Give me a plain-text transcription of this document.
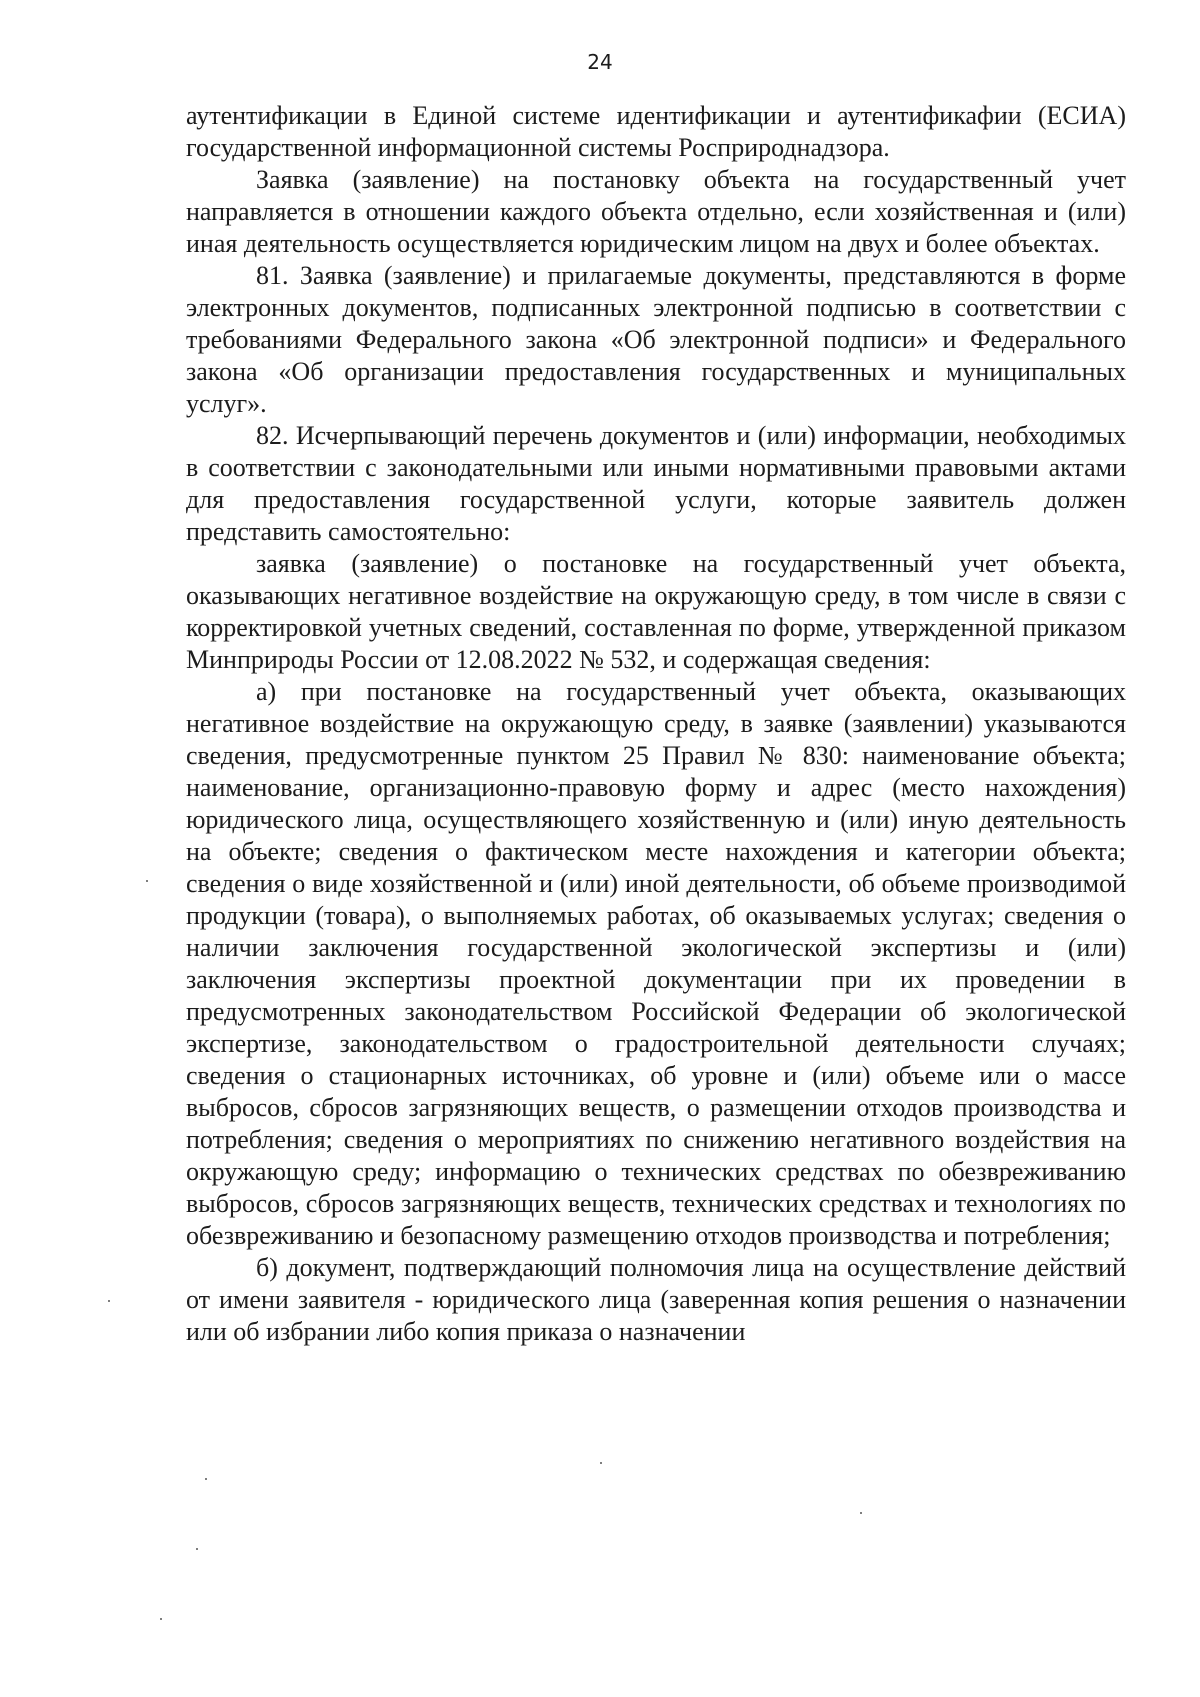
24

аутентификации в Единой системе идентификации и аутентификафии (ЕСИА) государственной информационной системы Росприроднадзора.

Заявка (заявление) на постановку объекта на государственный учет направляется в отношении каждого объекта отдельно, если хозяйственная и (или) иная деятельность осуществляется юридическим лицом на двух и более объектах.

81. Заявка (заявление) и прилагаемые документы, представляются в форме электронных документов, подписанных электронной подписью в соответствии с требованиями Федерального закона «Об электронной подписи» и Федерального закона «Об организации предоставления государственных и муниципальных услуг».

82. Исчерпывающий перечень документов и (или) информации, необходимых в соответствии с законодательными или иными нормативными правовыми актами для предоставления государственной услуги, которые заявитель должен представить самостоятельно:

заявка (заявление) о постановке на государственный учет объекта, оказывающих негативное воздействие на окружающую среду, в том числе в связи с корректировкой учетных сведений, составленная по форме, утвержденной приказом Минприроды России от 12.08.2022 № 532, и содержащая сведения:

а) при постановке на государственный учет объекта, оказывающих негативное воздействие на окружающую среду, в заявке (заявлении) указываются сведения, предусмотренные пунктом 25 Правил № 830: наименование объекта; наименование, организационно-правовую форму и адрес (место нахождения) юридического лица, осуществляющего хозяйственную и (или) иную деятельность на объекте; сведения о фактическом месте нахождения и категории объекта; сведения о виде хозяйственной и (или) иной деятельности, об объеме производимой продукции (товара), о выполняемых работах, об оказываемых услугах; сведения о наличии заключения государственной экологической экспертизы и (или) заключения экспертизы проектной документации при их проведении в предусмотренных законодательством Российской Федерации об экологической экспертизе, законодательством о градостроительной деятельности случаях; сведения о стационарных источниках, об уровне и (или) объеме или о массе выбросов, сбросов загрязняющих веществ, о размещении отходов производства и потребления; сведения о мероприятиях по снижению негативного воздействия на окружающую среду; информацию о технических средствах по обезвреживанию выбросов, сбросов загрязняющих веществ, технических средствах и технологиях по обезвреживанию и безопасному размещению отходов производства и потребления;

б) документ, подтверждающий полномочия лица на осуществление действий от имени заявителя - юридического лица (заверенная копия решения о назначении или об избрании либо копия приказа о назначении
